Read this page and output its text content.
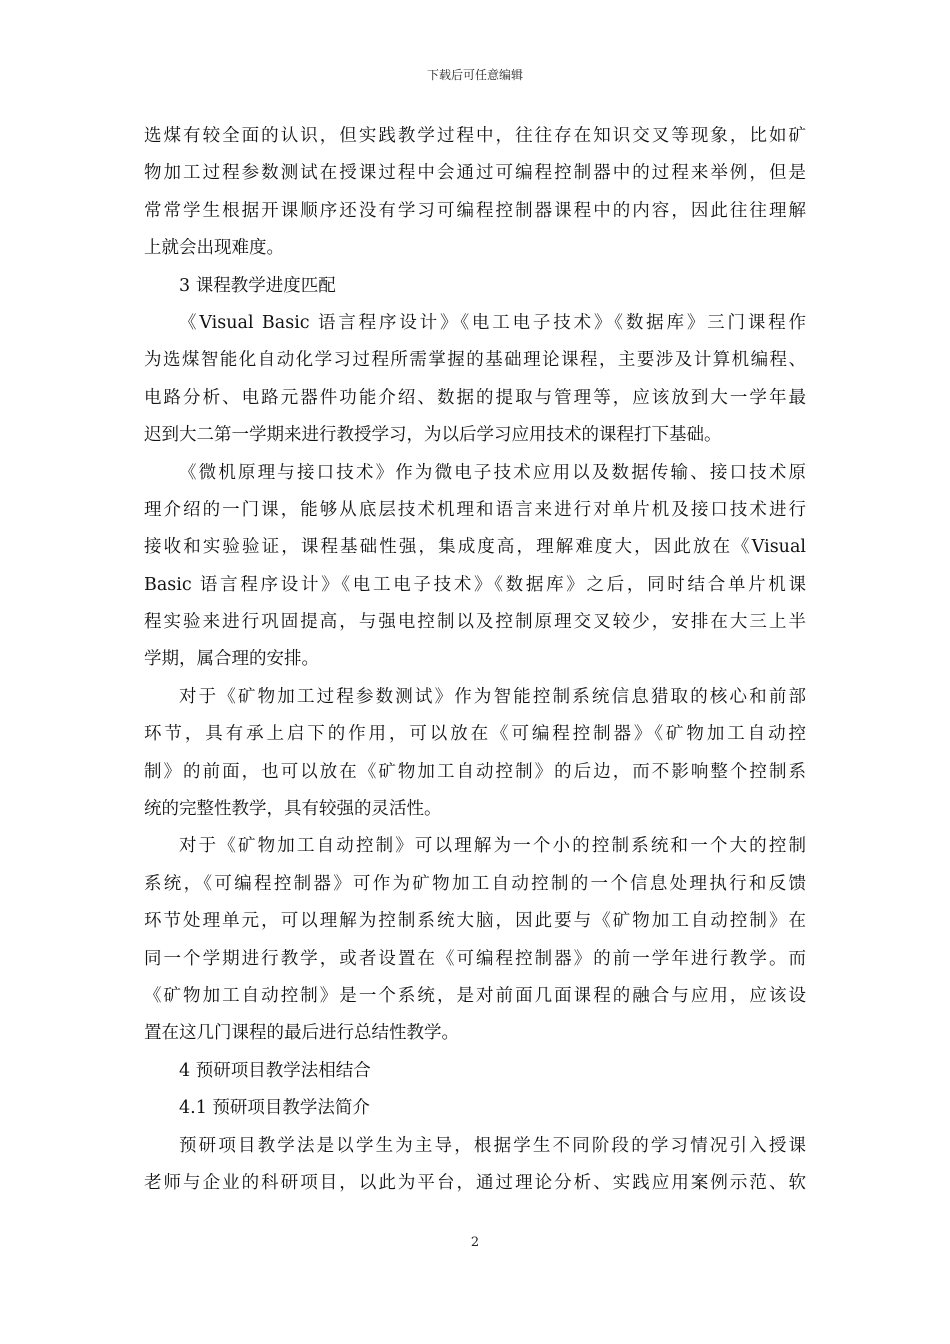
下载后可任意编辑
选煤有较全面的认识，但实践教学过程中，往往存在知识交叉等现象，比如矿
物加工过程参数测试在授课过程中会通过可编程控制器中的过程来举例，但是
常常学生根据开课顺序还没有学习可编程控制器课程中的内容，因此往往理解
上就会出现难度。
3 课程教学进度匹配
《Visual Basic 语言程序设计》《电工电子技术》《数据库》三门课程作
为选煤智能化自动化学习过程所需掌握的基础理论课程，主要涉及计算机编程、
电路分析、电路元器件功能介绍、数据的提取与管理等，应该放到大一学年最
迟到大二第一学期来进行教授学习，为以后学习应用技术的课程打下基础。
《微机原理与接口技术》作为微电子技术应用以及数据传输、接口技术原
理介绍的一门课，能够从底层技术机理和语言来进行对单片机及接口技术进行
接收和实验验证，课程基础性强，集成度高，理解难度大，因此放在《Visual
Basic 语言程序设计》《电工电子技术》《数据库》之后，同时结合单片机课
程实验来进行巩固提高，与强电控制以及控制原理交叉较少，安排在大三上半
学期，属合理的安排。
对于《矿物加工过程参数测试》作为智能控制系统信息猎取的核心和前部
环节，具有承上启下的作用，可以放在《可编程控制器》《矿物加工自动控
制》的前面，也可以放在《矿物加工自动控制》的后边，而不影响整个控制系
统的完整性教学，具有较强的灵活性。
对于《矿物加工自动控制》可以理解为一个小的控制系统和一个大的控制
系统，《可编程控制器》可作为矿物加工自动控制的一个信息处理执行和反馈
环节处理单元，可以理解为控制系统大脑，因此要与《矿物加工自动控制》在
同一个学期进行教学，或者设置在《可编程控制器》的前一学年进行教学。而
《矿物加工自动控制》是一个系统，是对前面几面课程的融合与应用，应该设
置在这几门课程的最后进行总结性教学。
4 预研项目教学法相结合
4.1 预研项目教学法简介
预研项目教学法是以学生为主导，根据学生不同阶段的学习情况引入授课
老师与企业的科研项目，以此为平台，通过理论分析、实践应用案例示范、软
2
